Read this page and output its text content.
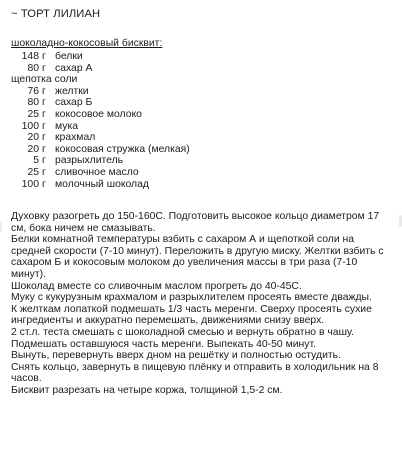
~ ТОРТ ЛИЛИАН
шоколадно-кокосовый бисквит:
148 г белки
80 г сахар А
щепотка соли
76 г желтки
80 г сахар Б
25 г кокосовое молоко
100 г мука
20 г крахмал
20 г кокосовая стружка (мелкая)
5 г разрыхлитель
25 г сливочное масло
100 г молочный шоколад

Духовку разогреть до 150-160С. Подготовить высокое кольцо диаметром 17 см, бока ничем не смазывать.

Белки комнатной температуры взбить с сахаром А и щепоткой соли на средней скорости (7-10 минут). Переложить в другую миску. Желтки взбить с сахаром Б и кокосовым молоком до увеличения массы в три раза (7-10 минут).

Шоколад вместе со сливочным маслом прогреть до 40-45С.

Муку с кукурузным крахмалом и разрыхлителем просеять вместе дважды.

К желткам лопаткой подмешать 1/3 часть меренги. Сверху просеять сухие ингредиенты и аккуратно перемешать, движениями снизу вверх.

2 ст.л. теста смешать с шоколадной смесью и вернуть обратно в чашу. Подмешать оставшуюся часть меренги. Выпекать 40-50 минут.

Вынуть, перевернуть вверх дном на решётку и полностью остудить.

Снять кольцо, завернуть в пищевую плёнку и отправить в холодильник на 8 часов.

Бисквит разрезать на четыре коржа, толщиной 1,5-2 см.
